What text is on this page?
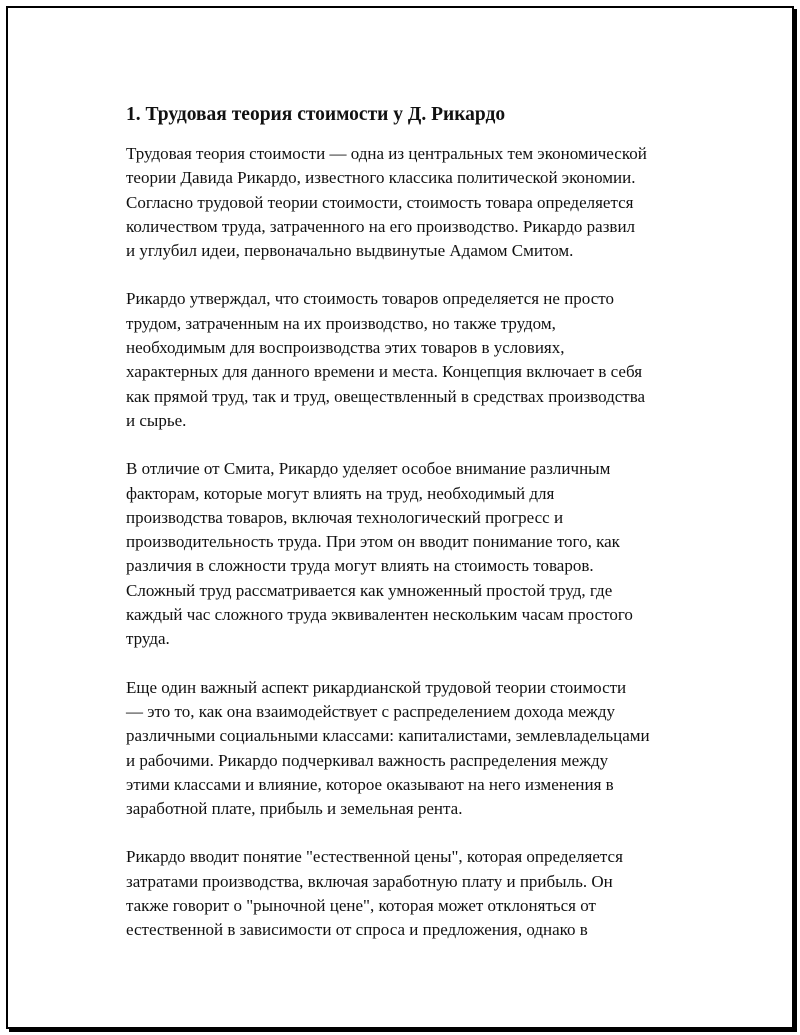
1. Трудовая теория стоимости у Д. Рикардо

Трудовая теория стоимости — одна из центральных тем экономической
теории Давида Рикардо, известного классика политической экономии.
Согласно трудовой теории стоимости, стоимость товара определяется
количеством труда, затраченного на его производство. Рикардо развил
и углубил идеи, первоначально выдвинутые Адамом Смитом.

Рикардо утверждал, что стоимость товаров определяется не просто
трудом, затраченным на их производство, но также трудом,
необходимым для воспроизводства этих товаров в условиях,
характерных для данного времени и места. Концепция включает в себя
как прямой труд, так и труд, овеществленный в средствах производства
и сырье.

В отличие от Смита, Рикардо уделяет особое внимание различным
факторам, которые могут влиять на труд, необходимый для
производства товаров, включая технологический прогресс и
производительность труда. При этом он вводит понимание того, как
различия в сложности труда могут влиять на стоимость товаров.
Сложный труд рассматривается как умноженный простой труд, где
каждый час сложного труда эквивалентен нескольким часам простого
труда.

Еще один важный аспект рикардианской трудовой теории стоимости
— это то, как она взаимодействует с распределением дохода между
различными социальными классами: капиталистами, землевладельцами
и рабочими. Рикардо подчеркивал важность распределения между
этими классами и влияние, которое оказывают на него изменения в
заработной плате, прибыль и земельная рента.

Рикардо вводит понятие "естественной цены", которая определяется
затратами производства, включая заработную плату и прибыль. Он
также говорит о "рыночной цене", которая может отклоняться от
естественной в зависимости от спроса и предложения, однако в
